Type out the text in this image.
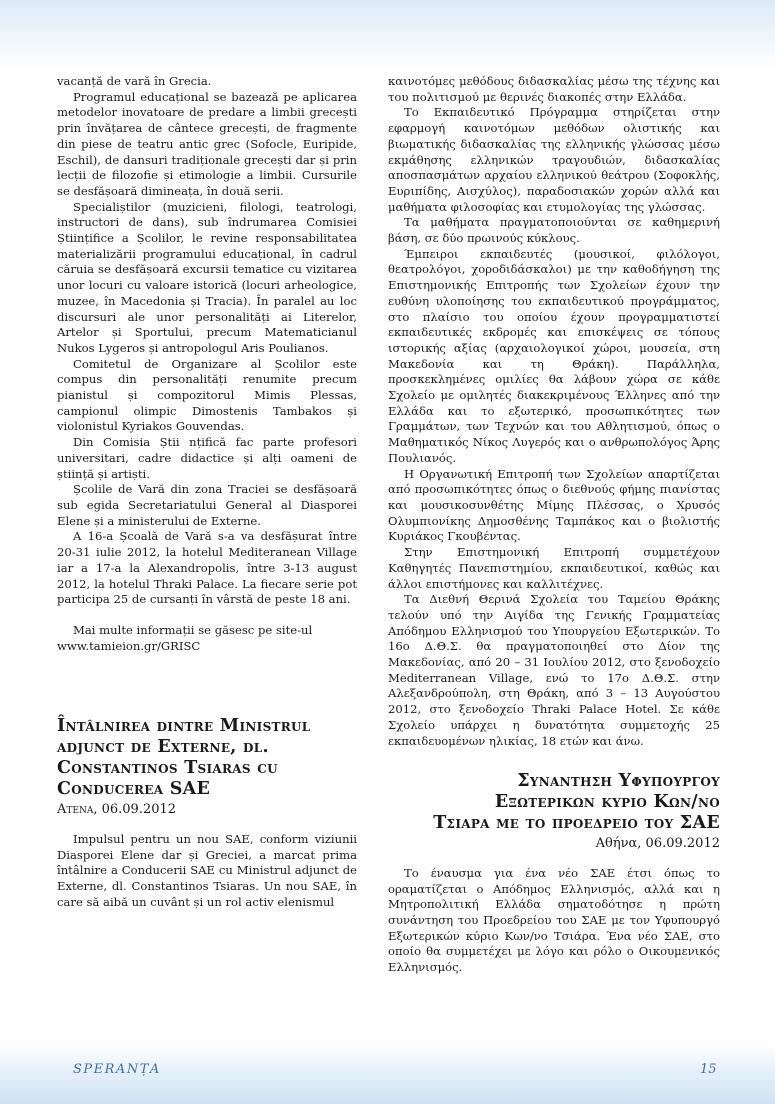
vacanță de vară în Grecia.

Programul educațional se bazează pe aplicarea metodelor inovatoare de predare a limbii grecești prin învățarea de cântece grecești, de fragmente din piese de teatru antic grec (Sofocle, Euripide, Eschil), de dansuri tradiționale grecești dar și prin lecții de filozofie și etimologie a limbii. Cursurile se desfășoară dimineața, în două serii.

Specialiștilor (muzicieni, filologi, teatrologi, instructori de dans), sub îndrumarea Comisiei Științifice a Școlilor, le revine responsabilitatea materializării programului educațional, în cadrul căruia se desfășoară excursii tematice cu vizitarea unor locuri cu valoare istorică (locuri arheologice, muzee, în Macedonia și Tracia). În paralel au loc discursuri ale unor personalități ai Literelor, Artelor și Sportului, precum Matematicianul Nukos Lygeros și antropologul Aris Poulianos.

Comitetul de Organizare al Școlilor este compus din personalități renumite precum pianistul și compozitorul Mimis Plessas, campionul olimpic Dimostenis Tambakos și violonistul Kyriakos Gouvendas.

Din Comisia Știi nțifică fac parte profesori universitari, cadre didactice și alți oameni de știință și artiști.

Școlile de Vară din zona Traciei se desfășoară sub egida Secretariatului General al Diasporei Elene și a ministerului de Externe.

A 16-a Școală de Vară s-a va desfășurat între 20-31 iulie 2012, la hotelul Mediteranean Village iar a 17-a la Alexandropolis, între 3-13 august 2012, la hotelul Thraki Palace. La fiecare serie pot participa 25 de cursanți în vârstă de peste 18 ani.

Mai multe informații se găsesc pe site-ul

www.tamieion.gr/GRISC

Întâlnirea dintre Ministrul adjunct de Externe, dl. Constantinos Tsiaras cu Conducerea SAE
Atena, 06.09.2012

Impulsul pentru un nou SAE, conform viziunii Diasporei Elene dar și Greciei, a marcat prima întâlnire a Conducerii SAE cu Ministrul adjunct de Externe, dl. Constantinos Tsiaras. Un nou SAE, în care să aibă un cuvânt și un rol activ elenismul

καινοτόμες μεθόδους διδασκαλίας μέσω της τέχνης και του πολιτισμού με θερινές διακοπές στην Ελλάδα.

Το Εκπαιδευτικό Πρόγραμμα στηρίζεται στην εφαρμογή καινοτόμων μεθόδων ολιστικής και βιωματικής διδασκαλίας της ελληνικής γλώσσας μέσω εκμάθησης ελληνικών τραγουδιών, διδασκαλίας αποσπασμάτων αρχαίου ελληνικού θεάτρου (Σοφοκλής, Ευριπίδης, Αισχύλος), παραδοσιακών χορών αλλά και μαθήματα φιλοσοφίας και ετυμολογίας της γλώσσας.

Τα μαθήματα πραγματοποιούνται σε καθημερινή βάση, σε δύο πρωινούς κύκλους.

Έμπειροι εκπαιδευτές (μουσικοί, φιλόλογοι, θεατρολόγοι, χοροδιδάσκαλοι) με την καθοδήγηση της Επιστημονικής Επιτροπής των Σχολείων έχουν την ευθύνη υλοποίησης του εκπαιδευτικού προγράμματος, στο πλαίσιο του οποίου έχουν προγραμματιστεί εκπαιδευτικές εκδρομές και επισκέψεις σε τόπους ιστορικής αξίας (αρχαιολογικοί χώροι, μουσεία, στη Μακεδονία και τη Θράκη). Παράλληλα, προσκεκλημένες ομιλίες θα λάβουν χώρα σε κάθε Σχολείο με ομιλητές διακεκριμένους Έλληνες από την Ελλάδα και το εξωτερικό, προσωπικότητες των Γραμμάτων, των Τεχνών και του Αθλητισμού, όπως ο Μαθηματικός Νίκος Λυγερός και ο ανθρωπολόγος Άρης Πουλιανός.

Η Οργανωτική Επιτροπή των Σχολείων απαρτίζεται από προσωπικότητες όπως ο διεθνούς φήμης πιανίστας και μουσικοσυνθέτης Μίμης Πλέσσας, ο Χρυσός Ολυμπιονίκης Δημοσθένης Ταμπάκος και ο βιολιστής Κυριάκος Γκουβέντας.

Στην Επιστημονική Επιτροπή συμμετέχουν Καθηγητές Πανεπιστημίου, εκπαιδευτικοί, καθώς και άλλοι επιστήμονες και καλλιτέχνες.

Τα Διεθνή Θερινά Σχολεία του Ταμείου Θράκης τελούν υπό την Αιγίδα της Γενικής Γραμματείας Απόδημου Ελληνισμού του Υπουργείου Εξωτερικών. Το 16ο Δ.Θ.Σ. θα πραγματοποιηθεί στο Δίον της Μακεδονίας, από 20 – 31 Ιουλίου 2012, στο ξενοδοχείο Mediterranean Village, ενώ το 17ο Δ.Θ.Σ. στην Αλεξανδρούπολη, στη Θράκη, από 3 – 13 Αυγούστου 2012, στο ξενοδοχείο Thraki Palace Hotel. Σε κάθε Σχολείο υπάρχει η δυνατότητα συμμετοχής 25 εκπαιδευομένων ηλικίας, 18 ετών και άνω.

Συναντηση Υφυπουργου
Εξωτερικων κυριο Κων/νο
Τσιαρα με το προεδρειο του ΣΑΕ
Αθήνα, 06.09.2012

Το έναυσμα για ένα νέο ΣΑΕ έτσι όπως το οραματίζεται ο Απόδημος Ελληνισμός, αλλά και η Μητροπολιτική Ελλάδα σηματοδότησε η πρώτη συνάντηση του Προεδρείου του ΣΑΕ με τον Υφυπουργό Εξωτερικών κύριο Κων/νο Τσιάρα. Ένα νέο ΣΑΕ, στο οποίο θα συμμετέχει με λόγο και ρόλο ο Οικουμενικός Ελληνισμός.

SPERANȚA	15
